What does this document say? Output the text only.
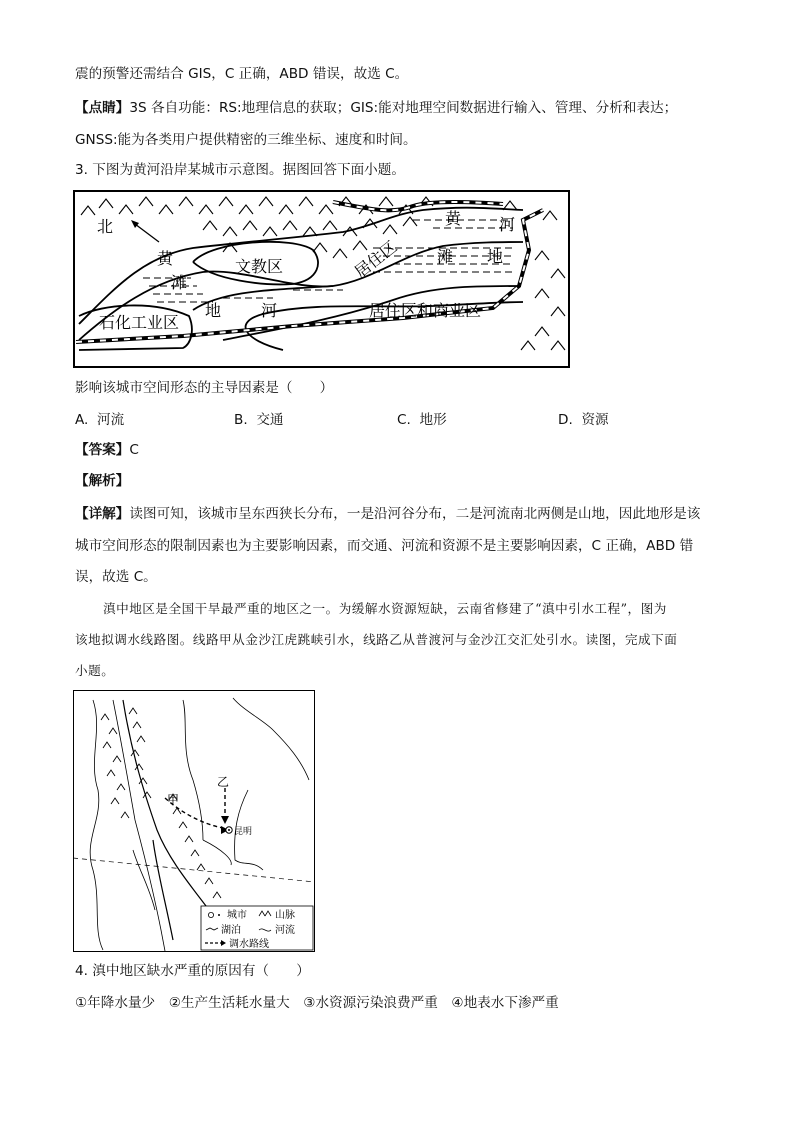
震的预警还需结合 GIS，C 正确，ABD 错误，故选 C。
【点睛】3S 各自功能：RS:地理信息的获取；GIS:能对地理空间数据进行输入、管理、分析和表达；
GNSS:能为各类用户提供精密的三维坐标、速度和时间。
3. 下图为黄河沿岸某城市示意图。据图回答下面小题。
北
黄
滩
地 河
文教区	居住区
黄 河
滩 地
石化工业区
居住区和商业区
影响该城市空间形态的主导因素是（　　）
A. 河流	B. 交通	C. 地形	D. 资源
【答案】C
【解析】
【详解】读图可知，该城市呈东西狭长分布，一是沿河谷分布，二是河流南北两侧是山地，因此地形是该
城市空间形态的限制因素也为主要影响因素，而交通、河流和资源不是主要影响因素，C 正确，ABD 错
误，故选 C。
滇中地区是全国干旱最严重的地区之一。为缓解水资源短缺，云南省修建了“滇中引水工程”，图为
该地拟调水线路图。线路甲从金沙江虎跳峡引水，线路乙从普渡河与金沙江交汇处引水。读图，完成下面
小题。
甲
乙
昆明
城市	山脉
湖泊	河流
调水路线
4. 滇中地区缺水严重的原因有（　　）
①年降水量少　②生产生活耗水量大　③水资源污染浪费严重　④地表水下渗严重
